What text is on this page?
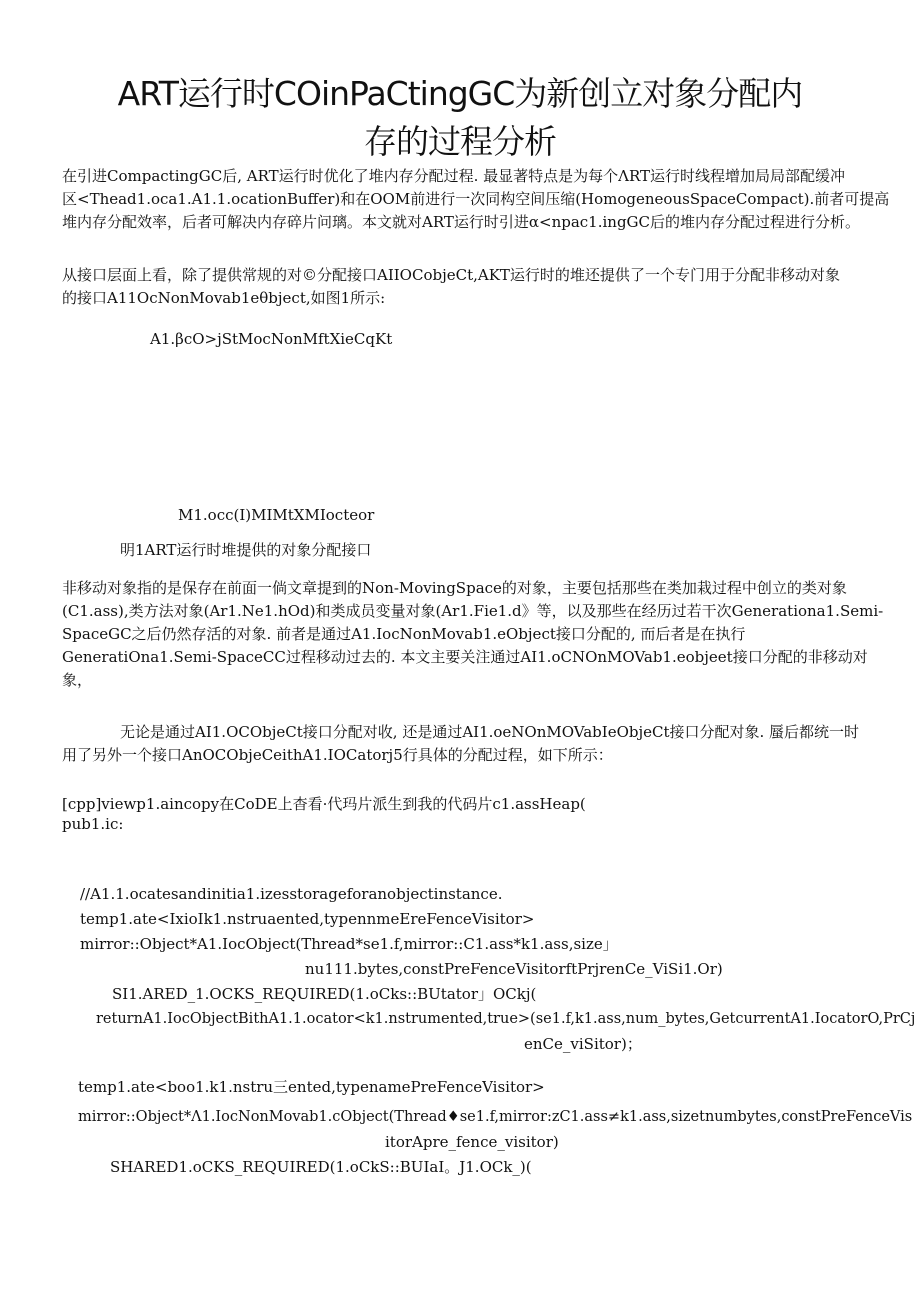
ART运行时COinPaCtingGC为新创立对象分配内
存的过程分析

在引进CompactingGC后, ART运行时优化了堆内存分配过程. 最显著特点是为每个ΛRT运行时线程增加局局部配缓冲
区<Thead1.oca1.A1.1.ocationBuffer)和在OOM前进行一次同构空间压缩(HomogeneousSpaceCompact).前者可提高
堆内存分配效率，后者可解决内存碎片问璃。本文就对ART运行时引进α<npac1.ingGC后的堆内存分配过程进行分析。

从接口层面上看，除了提供常规的对©分配接口AIIOCobjeCt,AKT运行时的堆还提供了一个专门用于分配非移动对象
的接口A11OcNonMovab1eθbject,如图1所示:

A1.βcO>jStMocNonMftXieCqKt
M1.occ(I)MIMtXMIocteor
明1ART运行时堆提供的对象分配接口

非移动对象指的是保存在前面一倘文章提到的Non-MovingSpace的对象，主要包括那些在类加栽过程中创立的类对象
(C1.ass),类方法对象(Ar1.Ne1.hOd)和类成员变量对象(Ar1.Fie1.d》等，以及那些在经历过若干次Generationa1.Semi-
SpaceGC之后仍然存活的对象. 前者是通过A1.IocNonMovab1.eObject接口分配的, 而后者是在执行
GeneratiOna1.Semi-SpaceCC过程移动过去的. 本文主要关注通过AI1.oCNOnMOVab1.eobjeet接口分配的非移动对
象，

无论是通过AI1.OCObjeCt接口分配对收, 还是通过AI1.oeNOnMOVabIeObjeCt接口分配对象. 蜃后都统一时
用了另外一个接口AnOCObjeCeithA1.IOCatorj5行具体的分配过程，如下所示：

[cpp]viewp1.aincopy在CoDE上杳看·代玛片派生到我的代码片c1.assHeap(
pub1.ic:

//A1.1.ocatesandinitia1.izesstorageforanobjectinstance.
temp1.ate<IxioIk1.nstruaented,typennmeEreFenceVisitor>
mirror::Object*A1.IocObject(Thread*se1.f,mirror::C1.ass*k1.ass,size」
nu111.bytes,constPreFenceVisitorftPrjrenCe_ViSi1.Or)
SI1.ARED_1.OCKS_REQUIRED(1.oCks::BUtator」OCkj(
returnA1.IocObjectBithA1.1.ocator<k1.nstrumented,true>(se1.f,k1.ass,num_bytes,GetcurrentA1.IocatorO,PrCj
enCe_viSitor)；
temp1.ate<boo1.k1.nstru三ented,typenamePreFenceVisitor>
mirror::Object*Λ1.IocNonMovab1.cObject(Thread♦se1.f,mirror:zC1.ass≠k1.ass,sizetnumbytes,constPreFenceVis
itorApre_fence_visitor)
SHARED1.oCKS_REQUIRED(1.oCkS::BUIaI。J1.OCk_)(
